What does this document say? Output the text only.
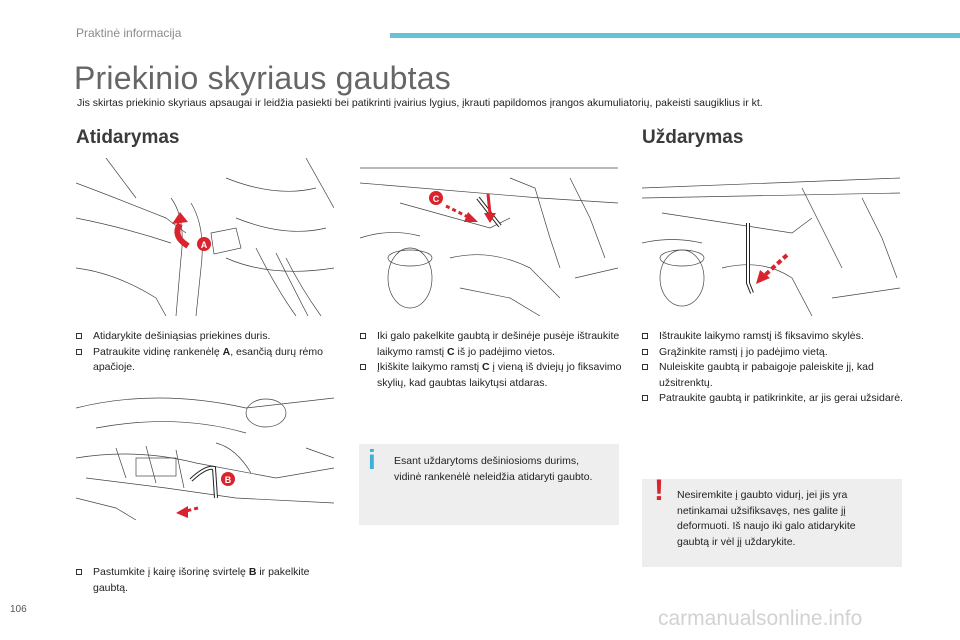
Praktinė informacija
Priekinio skyriaus gaubtas
Jis skirtas priekinio skyriaus apsaugai ir leidžia pasiekti bei patikrinti įvairius lygius, įkrauti papildomos įrangos akumuliatorių, pakeisti saugiklius ir kt.
Atidarymas	Uždarymas
A
Atidarykite dešiniąsias priekines duris.
Patraukite vidinę rankenėlę A, esančią durų rėmo apačioje.
B
Pastumkite į kairę išorinę svirtelę B ir pakelkite gaubtą.
C
Iki galo pakelkite gaubtą ir dešinėje pusėje ištraukite laikymo ramstį C iš jo padėjimo vietos.
Įkiškite laikymo ramstį C į vieną iš dviejų jo fiksavimo skylių, kad gaubtas laikytųsi atdaras.
i Esant uždarytoms dešiniosioms durims, vidinė rankenėlė neleidžia atidaryti gaubto.
Ištraukite laikymo ramstį iš fiksavimo skylės.
Grąžinkite ramstį į jo padėjimo vietą.
Nuleiskite gaubtą ir pabaigoje paleiskite jį, kad užsitrenktų.
Patraukite gaubtą ir patikrinkite, ar jis gerai užsidarė.
! Nesiremkite į gaubto vidurį, jei jis yra netinkamai užsifiksavęs, nes galite jį deformuoti. Iš naujo iki galo atidarykite gaubtą ir vėl jį uždarykite.
106	carmanualsonline.info
